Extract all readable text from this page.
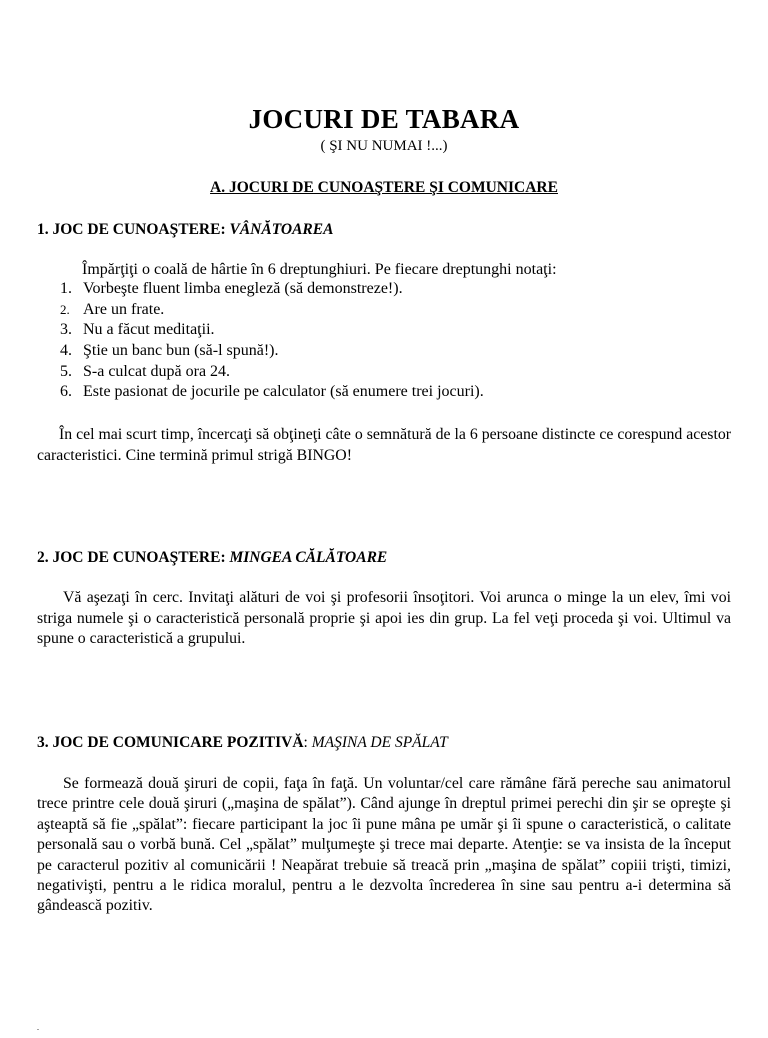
JOCURI DE TABARA
( ŞI NU NUMAI !...)
A. JOCURI DE CUNOAŞTERE ŞI COMUNICARE
1. JOC DE CUNOAŞTERE: VÂNĂTOAREA
Împărţiţi o coală de hârtie în 6 dreptunghiuri. Pe fiecare dreptunghi notaţi:
1. Vorbeşte fluent limba enegleză (să demonstreze!).
2. Are un frate.
3. Nu a făcut meditaţii.
4. Ştie un banc bun (să-l spună!).
5. S-a culcat după ora 24.
6. Este pasionat de jocurile pe calculator (să enumere trei jocuri).
În cel mai scurt timp, încercaţi să obţineţi câte o semnătură de la 6 persoane distincte ce corespund acestor caracteristici. Cine termină primul strigă BINGO!
2. JOC DE CUNOAŞTERE: MINGEA CĂLĂTOARE
Vă aşezaţi în cerc. Invitaţi alături de voi şi profesorii însoţitori. Voi arunca o minge la un elev, îmi voi striga numele şi o caracteristică personală proprie şi apoi ies din grup. La fel veţi proceda şi voi. Ultimul va spune o caracteristică a grupului.
3. JOC DE COMUNICARE POZITIVĂ: MAŞINA DE SPĂLAT
Se formează două şiruri de copii, faţa în faţă. Un voluntar/cel care rămâne fără pereche sau animatorul trece printre cele două şiruri („maşina de spălat”). Când ajunge în dreptul primei perechi din şir se opreşte şi aşteaptă să fie „spălat”: fiecare participant la joc îi pune mâna pe umăr şi îi spune o caracteristică, o calitate personală sau o vorbă bună. Cel „spălat” mulţumeşte şi trece mai departe. Atenţie: se va insista de la început pe caracterul pozitiv al comunicării ! Neapărat trebuie să treacă prin „maşina de spălat” copiii trişti, timizi, negativişti, pentru a le ridica moralul, pentru a le dezvolta încrederea în sine sau pentru a-i determina să gândească pozitiv.
.
